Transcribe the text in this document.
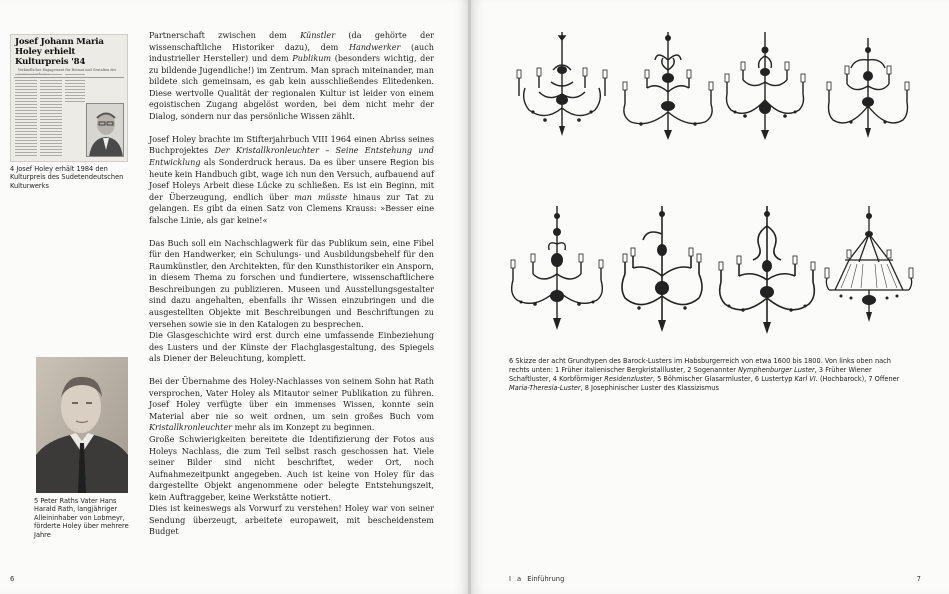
Josef Johann Maria Holey erhielt Kulturpreis '84
Verbindliches Engagement für Heimat und Gestalten der
4 Josef Holey erhält 1984 den Kulturpreis des Sudetendeutschen Kulturwerks
5 Peter Raths Vater Hans Harald Rath, langjähriger Alleininhaber von Lobmeyr, förderte Holey über mehrere Jahre

Partnerschaft zwischen dem Künstler (da gehörte der wissenschaftliche Historiker dazu), dem Handwerker (auch industrieller Hersteller) und dem Publikum (besonders wichtig, der zu bildende Jugendliche!) im Zentrum. Man sprach miteinander, man bildete sich gemeinsam, es gab kein ausschließendes Elitedenken. Diese wertvolle Qualität der regionalen Kultur ist leider von einem egoistischen Zugang abgelöst worden, bei dem nicht mehr der Dialog, sondern nur das persönliche Wissen zählt.

Josef Holey brachte im Stifterjahrbuch VIII 1964 einen Abriss seines Buchprojektes Der Kristallkronleuchter – Seine Entstehung und Entwicklung als Sonderdruck heraus. Da es über unsere Region bis heute kein Handbuch gibt, wage ich nun den Versuch, aufbauend auf Josef Holeys Arbeit diese Lücke zu schließen. Es ist ein Beginn, mit der Überzeugung, endlich über man müsste hinaus zur Tat zu gelangen. Es gibt da einen Satz von Clemens Krauss: »Besser eine falsche Linie, als gar keine!«

Das Buch soll ein Nachschlagwerk für das Publikum sein, eine Fibel für den Handwerker, ein Schulungs- und Ausbildungsbehelf für den Raumkünstler, den Architekten, für den Kunsthistoriker ein Ansporn, in diesem Thema zu forschen und fundiertere, wissenschaftlichere Beschreibungen zu publizieren. Museen und Ausstellungsgestalter sind dazu angehalten, ebenfalls ihr Wissen einzubringen und die ausgestellten Objekte mit Beschreibungen und Beschriftungen zu versehen sowie sie in den Katalogen zu besprechen.

Die Glasgeschichte wird erst durch eine umfassende Einbeziehung des Lusters und der Künste der Flachglasgestaltung, des Spiegels als Diener der Beleuchtung, komplett.

Bei der Übernahme des Holey-Nachlasses von seinem Sohn hat Rath versprochen, Vater Holey als Mitautor seiner Publikation zu führen. Josef Holey verfügte über ein immenses Wissen, konnte sein Material aber nie so weit ordnen, um sein großes Buch vom Kristallkronleuchter mehr als im Konzept zu beginnen.

Große Schwierigkeiten bereitete die Identifizierung der Fotos aus Holeys Nachlass, die zum Teil selbst rasch geschossen hat. Viele seiner Bilder sind nicht beschriftet, weder Ort, noch Aufnahmezeitpunkt angegeben. Auch ist keine von Holey für das dargestellte Objekt angenommene oder belegte Entstehungszeit, kein Auftraggeber, keine Werkstätte notiert.

Dies ist keineswegs als Vorwurf zu verstehen! Holey war von seiner Sendung überzeugt, arbeitete europaweit, mit bescheidenstem Budget

6
6 Skizze der acht Grundtypen des Barock-Lusters im Habsburgerreich von etwa 1600 bis 1800. Von links oben nach rechts unten: 1 Früher italienischer Bergkristallluster, 2 Sogenannter Nymphenburger Luster, 3 Früher Wiener Schaftluster, 4 Korbförmiger Residenzluster, 5 Böhmischer Glasarmluster, 6 Lustertyp Karl VI. (Hochbarock), 7 Offener Maria-Theresia-Luster, 8 Josephinischer Luster des Klassizismus
I a Einführung	7
